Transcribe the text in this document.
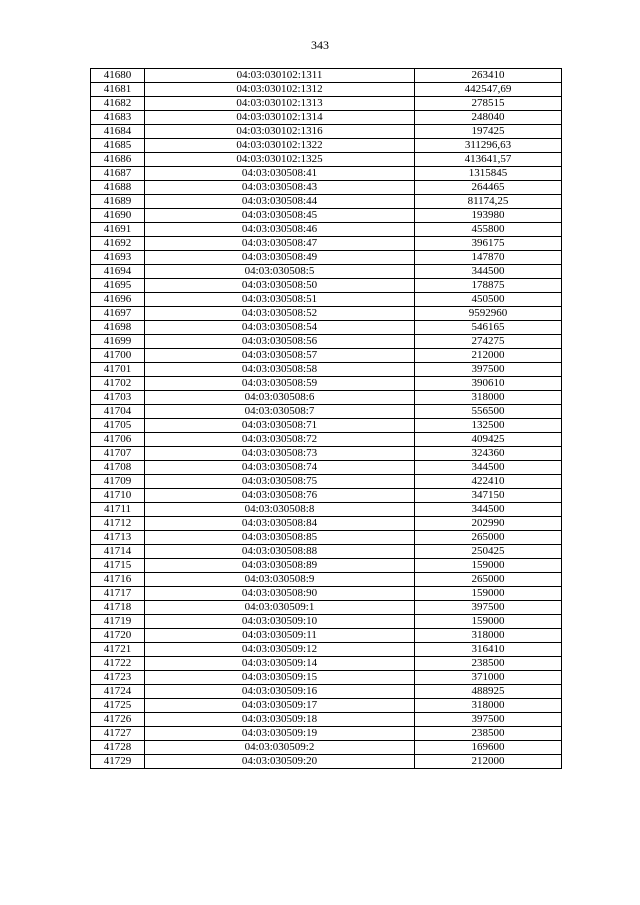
343
41680	04:03:030102:1311	263410
41681	04:03:030102:1312	442547,69
41682	04:03:030102:1313	278515
41683	04:03:030102:1314	248040
41684	04:03:030102:1316	197425
41685	04:03:030102:1322	311296,63
41686	04:03:030102:1325	413641,57
41687	04:03:030508:41	1315845
41688	04:03:030508:43	264465
41689	04:03:030508:44	81174,25
41690	04:03:030508:45	193980
41691	04:03:030508:46	455800
41692	04:03:030508:47	396175
41693	04:03:030508:49	147870
41694	04:03:030508:5	344500
41695	04:03:030508:50	178875
41696	04:03:030508:51	450500
41697	04:03:030508:52	9592960
41698	04:03:030508:54	546165
41699	04:03:030508:56	274275
41700	04:03:030508:57	212000
41701	04:03:030508:58	397500
41702	04:03:030508:59	390610
41703	04:03:030508:6	318000
41704	04:03:030508:7	556500
41705	04:03:030508:71	132500
41706	04:03:030508:72	409425
41707	04:03:030508:73	324360
41708	04:03:030508:74	344500
41709	04:03:030508:75	422410
41710	04:03:030508:76	347150
41711	04:03:030508:8	344500
41712	04:03:030508:84	202990
41713	04:03:030508:85	265000
41714	04:03:030508:88	250425
41715	04:03:030508:89	159000
41716	04:03:030508:9	265000
41717	04:03:030508:90	159000
41718	04:03:030509:1	397500
41719	04:03:030509:10	159000
41720	04:03:030509:11	318000
41721	04:03:030509:12	316410
41722	04:03:030509:14	238500
41723	04:03:030509:15	371000
41724	04:03:030509:16	488925
41725	04:03:030509:17	318000
41726	04:03:030509:18	397500
41727	04:03:030509:19	238500
41728	04:03:030509:2	169600
41729	04:03:030509:20	212000
